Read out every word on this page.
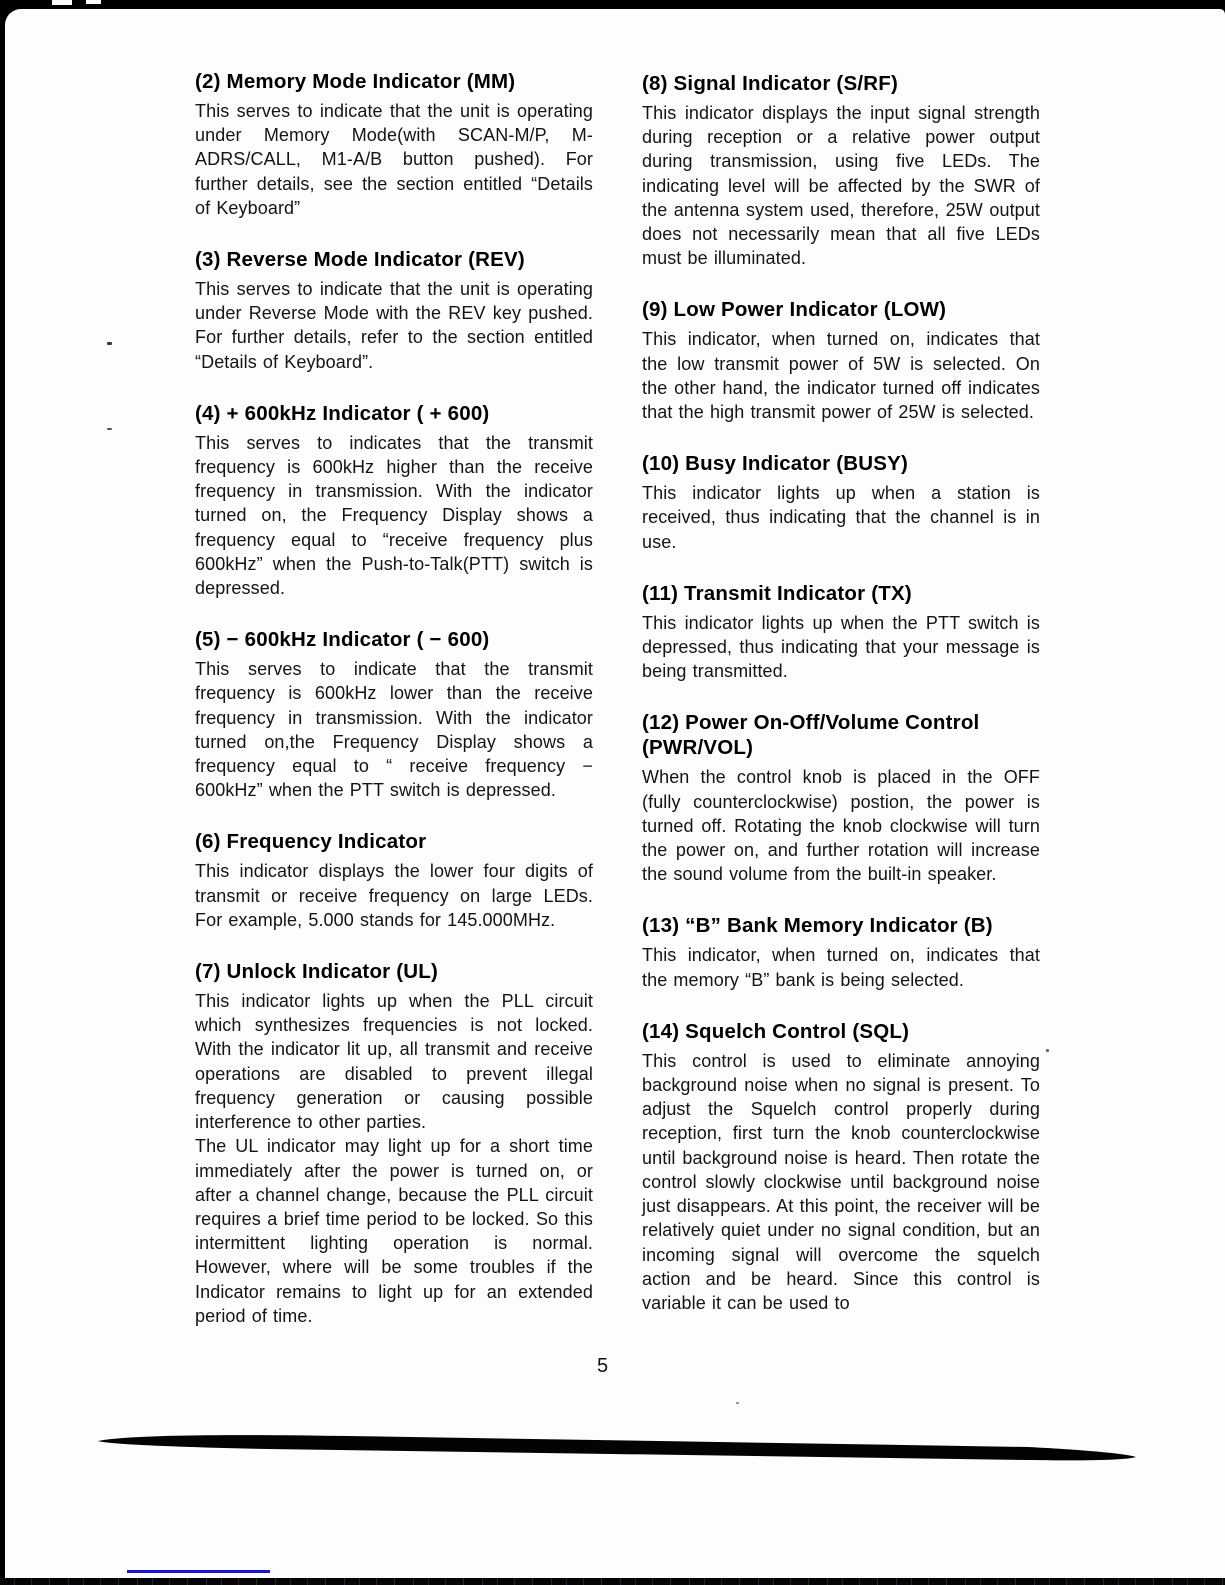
(2) Memory Mode Indicator (MM)

This serves to indicate that the unit is operating under Memory Mode(with SCAN-M/P, M-ADRS/CALL, M1-A/B button pushed). For further details, see the section entitled “Details of Keyboard”

(3) Reverse Mode Indicator (REV)

This serves to indicate that the unit is operating under Reverse Mode with the REV key pushed. For further details, refer to the section entitled “Details of Keyboard”.

(4) + 600kHz Indicator ( + 600)

This serves to indicates that the transmit frequency is 600kHz higher than the receive frequency in transmission. With the indicator turned on, the Frequency Display shows a frequency equal to “receive frequency plus 600kHz” when the Push-to-Talk(PTT) switch is depressed.

(5) − 600kHz Indicator ( − 600)

This serves to indicate that the transmit frequency is 600kHz lower than the receive frequency in transmission. With the indicator turned on,the Frequency Display shows a frequency equal to “ receive frequency − 600kHz” when the PTT switch is depressed.

(6) Frequency Indicator

This indicator displays the lower four digits of transmit or receive frequency on large LEDs. For example, 5.000 stands for 145.000MHz.

(7) Unlock Indicator (UL)

This indicator lights up when the PLL circuit which synthesizes frequencies is not locked. With the indicator lit up, all transmit and receive operations are disabled to prevent illegal frequency generation or causing possible interference to other parties.

The UL indicator may light up for a short time immediately after the power is turned on, or after a channel change, because the PLL circuit requires a brief time period to be locked. So this intermittent lighting operation is normal. However, where will be some troubles if the Indicator remains to light up for an extended period of time.

(8) Signal Indicator (S/RF)

This indicator displays the input signal strength during reception or a relative power output during transmission, using five LEDs. The indicating level will be affected by the SWR of the antenna system used, therefore, 25W output does not necessarily mean that all five LEDs must be illuminated.

(9) Low Power Indicator (LOW)

This indicator, when turned on, indicates that the low transmit power of 5W is selected. On the other hand, the indicator turned off indicates that the high transmit power of 25W is selected.

(10) Busy Indicator (BUSY)

This indicator lights up when a station is received, thus indicating that the channel is in use.

(11) Transmit Indicator (TX)

This indicator lights up when the PTT switch is depressed, thus indicating that your message is being transmitted.

(12) Power On-Off/Volume Control (PWR/VOL)

When the control knob is placed in the OFF (fully counterclockwise) postion, the power is turned off. Rotating the knob clockwise will turn the power on, and further rotation will increase the sound volume from the built-in speaker.

(13) “B” Bank Memory Indicator (B)

This indicator, when turned on, indicates that the memory “B” bank is being selected.

(14) Squelch Control (SQL)

This control is used to eliminate annoying background noise when no signal is present. To adjust the Squelch control properly during reception, first turn the knob counterclockwise until background noise is heard. Then rotate the control slowly clockwise until background noise just disappears. At this point, the receiver will be relatively quiet under no signal condition, but an incoming signal will overcome the squelch action and be heard. Since this control is variable it can be used to

5
